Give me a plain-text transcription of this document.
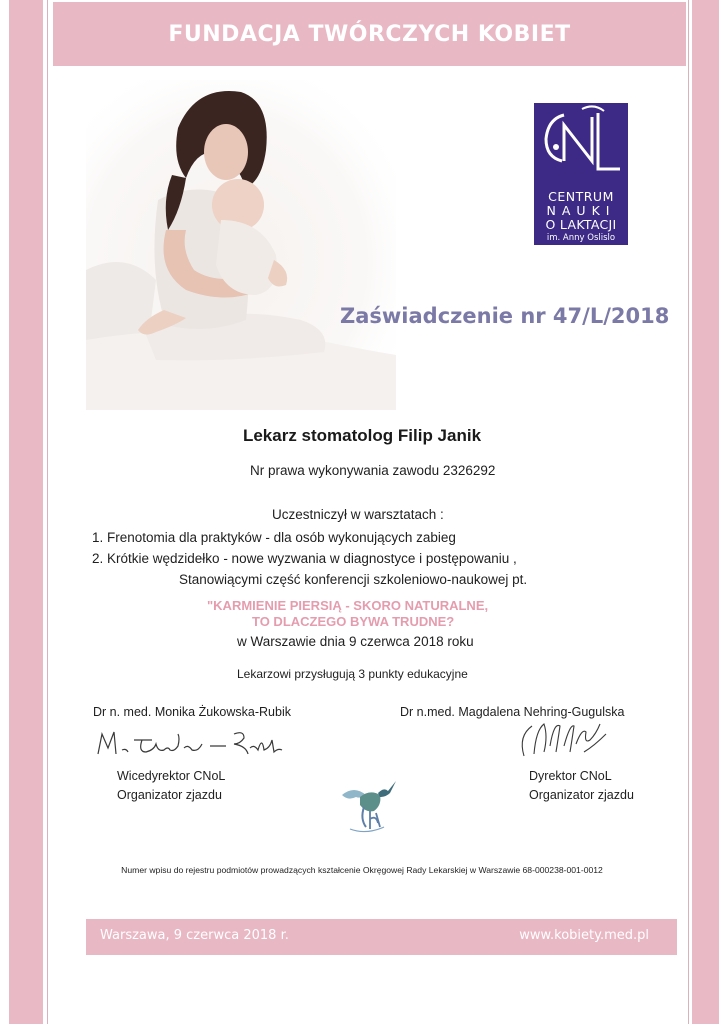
FUNDACJA TWÓRCZYCH KOBIET
CENTRUM
NAUKI
O LAKTACJI
im. Anny Oslislo
Zaświadczenie nr 47/L/2018
Lekarz stomatolog Filip Janik
Nr prawa wykonywania zawodu 2326292
Uczestniczył w warsztatach :
1. Frenotomia dla praktyków - dla osób wykonujących zabieg
2. Krótkie wędzidełko - nowe wyzwania w diagnostyce i postępowaniu ,
Stanowiącymi część konferencji szkoleniowo-naukowej pt.
"KARMIENIE PIERSIĄ - SKORO NATURALNE,
TO DLACZEGO BYWA TRUDNE?
w Warszawie dnia 9 czerwca 2018 roku
Lekarzowi przysługują 3 punkty edukacyjne
Dr n. med. Monika Żukowska-Rubik	Dr n.med. Magdalena Nehring-Gugulska
Wicedyrektor CNoL
Organizator zjazdu
Dyrektor CNoL
Organizator zjazdu
Numer wpisu do rejestru podmiotów prowadzących kształcenie Okręgowej Rady Lekarskiej w Warszawie 68-000238-001-0012
Warszawa, 9 czerwca 2018 r.	www.kobiety.med.pl
